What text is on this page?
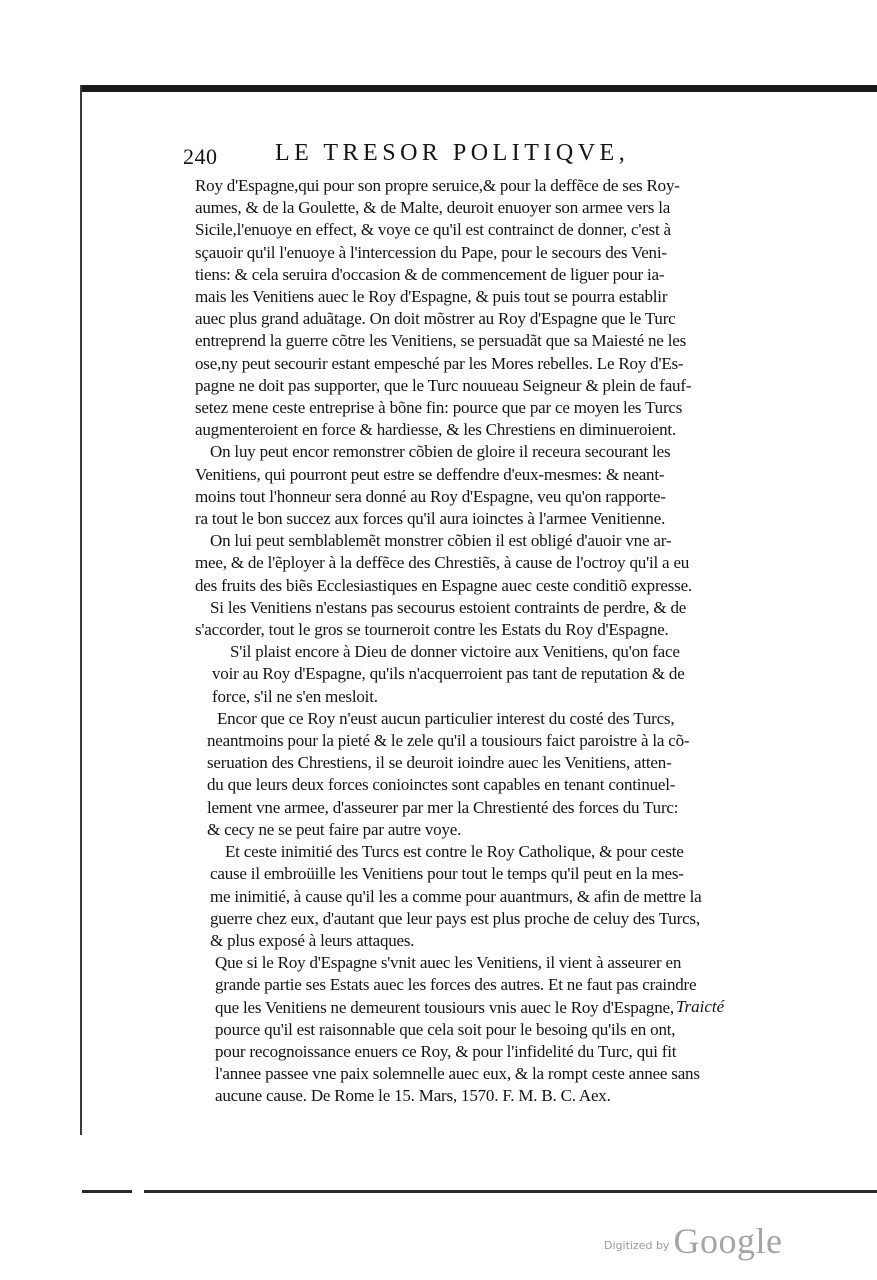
240 LE TRESOR POLITIQVE,
Roy d'Espagne,qui pour son propre seruice,& pour la deffẽce de ses Roy-
aumes, & de la Goulette, & de Malte, deuroit enuoyer son armee vers la
Sicile,l'enuoye en effect, & voye ce qu'il est contrainct de donner, c'est à
sçauoir qu'il l'enuoye à l'intercession du Pape, pour le secours des Veni-
tiens: & cela seruira d'occasion & de commencement de liguer pour ia-
mais les Venitiens auec le Roy d'Espagne, & puis tout se pourra establir
auec plus grand aduãtage. On doit mõstrer au Roy d'Espagne que le Turc
entreprend la guerre cõtre les Venitiens, se persuadãt que sa Maiesté ne les
ose,ny peut secourir estant empesché par les Mores rebelles. Le Roy d'Es-
pagne ne doit pas supporter, que le Turc nouueau Seigneur & plein de fauf-
setez mene ceste entreprise à bõne fin: pource que par ce moyen les Turcs
augmenteroient en force & hardiesse, & les Chrestiens en diminueroient.
On luy peut encor remonstrer cõbien de gloire il receura secourant les
Venitiens, qui pourront peut estre se deffendre d'eux-mesmes: & neant-
moins tout l'honneur sera donné au Roy d'Espagne, veu qu'on rapporte-
ra tout le bon succez aux forces qu'il aura ioinctes à l'armee Venitienne.
On lui peut semblablemẽt monstrer cõbien il est obligé d'auoir vne ar-
mee, & de l'ẽployer à la deffẽce des Chrestiẽs, à cause de l'octroy qu'il a eu
des fruits des biẽs Ecclesiastiques en Espagne auec ceste conditiõ expresse.
Si les Venitiens n'estans pas secourus estoient contraints de perdre, & de
s'accorder, tout le gros se tourneroit contre les Estats du Roy d'Espagne.
S'il plaist encore à Dieu de donner victoire aux Venitiens, qu'on face
voir au Roy d'Espagne, qu'ils n'acquerroient pas tant de reputation & de
force, s'il ne s'en mesloit.
Encor que ce Roy n'eust aucun particulier interest du costé des Turcs,
neantmoins pour la pieté & le zele qu'il a tousiours faict paroistre à la cõ-
seruation des Chrestiens, il se deuroit ioindre auec les Venitiens, atten-
du que leurs deux forces conioinctes sont capables en tenant continuel-
lement vne armee, d'asseurer par mer la Chrestienté des forces du Turc:
& cecy ne se peut faire par autre voye.
Et ceste inimitié des Turcs est contre le Roy Catholique, & pour ceste
cause il embroüille les Venitiens pour tout le temps qu'il peut en la mes-
me inimitié, à cause qu'il les a comme pour auantmurs, & afin de mettre la
guerre chez eux, d'autant que leur pays est plus proche de celuy des Turcs,
& plus exposé à leurs attaques.
Que si le Roy d'Espagne s'vnit auec les Venitiens, il vient à asseurer en
grande partie ses Estats auec les forces des autres. Et ne faut pas craindre
que les Venitiens ne demeurent tousiours vnis auec le Roy d'Espagne,
pource qu'il est raisonnable que cela soit pour le besoing qu'ils en ont,
pour recognoissance enuers ce Roy, & pour l'infidelité du Turc, qui fit
l'annee passee vne paix solemnelle auec eux, & la rompt ceste annee sans
aucune cause. De Rome le 15. Mars, 1570. F. M. B. C. Aex.
Traicté
$^{Digitized by}$ Google
